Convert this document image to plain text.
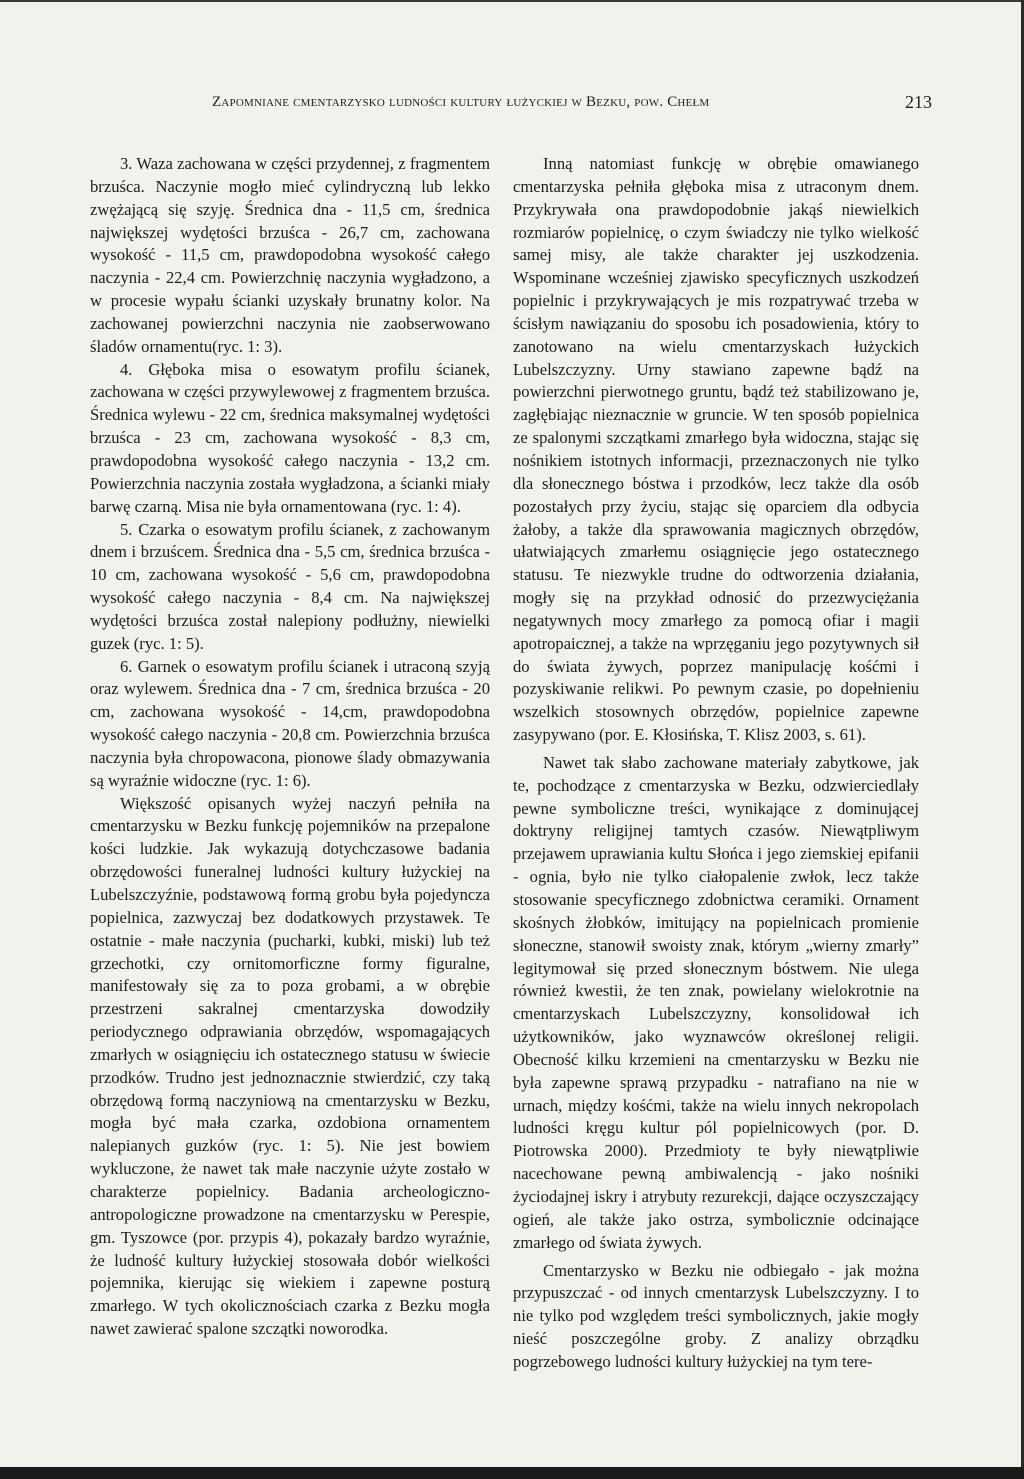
Zapomniane cmentarzysko ludności kultury łużyckiej w Bezku, pow. Chełm	213

3. Waza zachowana w części przydennej, z fragmentem brzuśca. Naczynie mogło mieć cylindryczną lub lekko zwężającą się szyję. Średnica dna - 11,5 cm, średnica największej wydętości brzuśca - 26,7 cm, zachowana wysokość - 11,5 cm, prawdopodobna wysokość całego naczynia - 22,4 cm. Powierzchnię naczynia wygładzono, a w procesie wypału ścianki uzyskały brunatny kolor. Na zachowanej powierzchni naczynia nie zaobserwowano śladów ornamentu(ryc. 1: 3).

4. Głęboka misa o esowatym profilu ścianek, zachowana w części przywylewowej z fragmentem brzuśca. Średnica wylewu - 22 cm, średnica maksymalnej wydętości brzuśca - 23 cm, zachowana wysokość - 8,3 cm, prawdopodobna wysokość całego naczynia - 13,2 cm. Powierzchnia naczynia została wygładzona, a ścianki miały barwę czarną. Misa nie była ornamentowana (ryc. 1: 4).

5. Czarka o esowatym profilu ścianek, z zachowanym dnem i brzuścem. Średnica dna - 5,5 cm, średnica brzuśca - 10 cm, zachowana wysokość - 5,6 cm, prawdopodobna wysokość całego naczynia - 8,4 cm. Na największej wydętości brzuśca został nalepiony podłużny, niewielki guzek (ryc. 1: 5).

6. Garnek o esowatym profilu ścianek i utraconą szyją oraz wylewem. Średnica dna - 7 cm, średnica brzuśca - 20 cm, zachowana wysokość - 14,cm, prawdopodobna wysokość całego naczynia - 20,8 cm. Powierzchnia brzuśca naczynia była chropowacona, pionowe ślady obmazywania są wyraźnie widoczne (ryc. 1: 6).

Większość opisanych wyżej naczyń pełniła na cmentarzysku w Bezku funkcję pojemników na przepalone kości ludzkie. Jak wykazują dotychczasowe badania obrzędowości funeralnej ludności kultury łużyckiej na Lubelszczyźnie, podstawową formą grobu była pojedyncza popielnica, zazwyczaj bez dodatkowych przystawek. Te ostatnie - małe naczynia (pucharki, kubki, miski) lub też grzechotki, czy ornitomorficzne formy figuralne, manifestowały się za to poza grobami, a w obrębie przestrzeni sakralnej cmentarzyska dowodziły periodycznego odprawiania obrzędów, wspomagających zmarłych w osiągnięciu ich ostatecznego statusu w świecie przodków. Trudno jest jednoznacznie stwierdzić, czy taką obrzędową formą naczyniową na cmentarzysku w Bezku, mogła być mała czarka, ozdobiona ornamentem nalepianych guzków (ryc. 1: 5). Nie jest bowiem wykluczone, że nawet tak małe naczynie użyte zostało w charakterze popielnicy. Badania archeologiczno-antropologiczne prowadzone na cmentarzysku w Perespie, gm. Tyszowce (por. przypis 4), pokazały bardzo wyraźnie, że ludność kultury łużyckiej stosowała dobór wielkości pojemnika, kierując się wiekiem i zapewne posturą zmarłego. W tych okolicznościach czarka z Bezku mogła nawet zawierać spalone szczątki noworodka.

Inną natomiast funkcję w obrębie omawianego cmentarzyska pełniła głęboka misa z utraconym dnem. Przykrywała ona prawdopodobnie jakąś niewielkich rozmiarów popielnicę, o czym świadczy nie tylko wielkość samej misy, ale także charakter jej uszkodzenia. Wspominane wcześniej zjawisko specyficznych uszkodzeń popielnic i przykrywających je mis rozpatrywać trzeba w ścisłym nawiązaniu do sposobu ich posadowienia, który to zanotowano na wielu cmentarzyskach łużyckich Lubelszczyzny. Urny stawiano zapewne bądź na powierzchni pierwotnego gruntu, bądź też stabilizowano je, zagłębiając nieznacznie w gruncie. W ten sposób popielnica ze spalonymi szczątkami zmarłego była widoczna, stając się nośnikiem istotnych informacji, przeznaczonych nie tylko dla słonecznego bóstwa i przodków, lecz także dla osób pozostałych przy życiu, stając się oparciem dla odbycia żałoby, a także dla sprawowania magicznych obrzędów, ułatwiających zmarłemu osiągnięcie jego ostatecznego statusu. Te niezwykle trudne do odtworzenia działania, mogły się na przykład odnosić do przezwyciężania negatywnych mocy zmarłego za pomocą ofiar i magii apotropaicznej, a także na wprzęganiu jego pozytywnych sił do świata żywych, poprzez manipulację kośćmi i pozyskiwanie relikwi. Po pewnym czasie, po dopełnieniu wszelkich stosownych obrzędów, popielnice zapewne zasypywano (por. E. Kłosińska, T. Klisz 2003, s. 61).

Nawet tak słabo zachowane materiały zabytkowe, jak te, pochodzące z cmentarzyska w Bezku, odzwierciedlały pewne symboliczne treści, wynikające z dominującej doktryny religijnej tamtych czasów. Niewątpliwym przejawem uprawiania kultu Słońca i jego ziemskiej epifanii - ognia, było nie tylko ciałopalenie zwłok, lecz także stosowanie specyficznego zdobnictwa ceramiki. Ornament skośnych żłobków, imitujący na popielnicach promienie słoneczne, stanowił swoisty znak, którym „wierny zmarły” legitymował się przed słonecznym bóstwem. Nie ulega również kwestii, że ten znak, powielany wielokrotnie na cmentarzyskach Lubelszczyzny, konsolidował ich użytkowników, jako wyznawców określonej religii. Obecność kilku krzemieni na cmentarzysku w Bezku nie była zapewne sprawą przypadku - natrafiano na nie w urnach, między kośćmi, także na wielu innych nekropolach ludności kręgu kultur pól popielnicowych (por. D. Piotrowska 2000). Przedmioty te były niewątpliwie nacechowane pewną ambiwalencją - jako nośniki życiodajnej iskry i atrybuty rezurekcji, dające oczyszczający ogień, ale także jako ostrza, symbolicznie odcinające zmarłego od świata żywych.

Cmentarzysko w Bezku nie odbiegało - jak można przypuszczać - od innych cmentarzysk Lubelszczyzny. I to nie tylko pod względem treści symbolicznych, jakie mogły nieść poszczególne groby. Z analizy obrządku pogrzebowego ludności kultury łużyckiej na tym tere-
